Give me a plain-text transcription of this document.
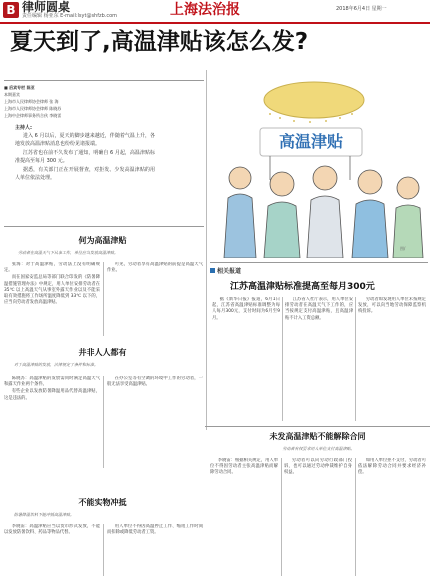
B 律师圆桌
责任编辑 杨亚东 E-mail:lsyt@shfzb.com	上海法治报	2018年6月4日 星期一
夏天到了,高温津贴该怎么发?
■ 后宾专栏 陈亚
本期嘉宾
上海市人民律师协会律师 张 海
上海市人民律师协会律师 陈晓苏
上海中企律师事务所合伙 李晓雷
主持人:

进入 6 月以后，夏天的脚步越来越近，伴随着气温上升，各地发放高温津贴消息也纷纷见诸报端。

江苏省也在前不久发布了通知，明确自 6 月起，高温津贴标准提高至每月 300 元。

据悉，有关部门正在开展督查，对拒发、少发高温津贴的用人单位依法处理。

何为高温津贴
劳动者在高温天气下从事工作，单位应当发放高温津贴。

张海：对于高温津贴，劳动法上没有明确规定。

而在国家安监总局等部门联合印发的《防暑降温措施管理办法》中规定，用人单位安排劳动者在 35℃ 以上高温天气从事室外露天作业以及不能采取有效措施将工作场所温度降低到 33℃ 以下的，应当向劳动者发放高温津贴。

可见，劳动者享有高温津贴的前提是高温天气作业。

井非人人都有
对于高温津贴的发放，法律规定了条件和标准。

陈晓苏：高温津贴的发放需同时满足高温天气和露天作业两个条件。

有些企业以发放防暑降温用品代替高温津贴，这是违法的。

在办公室等有空调的环境中工作的劳动者，一般无法享受高温津贴。

不能实物冲抵
防暑降温饮料不能冲抵高温津贴。

李晓雷：高温津贴应当以货币形式发放，不能以发放防暑饮料、药品等物品代替。

用人单位不得因高温停止工作、缩短工作时间而扣除或降低劳动者工资。

高温津贴
图/
相关报道
江苏高温津贴标准提高至每月300元

据《新华日报》报道，6月1日起，江苏省高温津贴标准调整为每人每月300元，支付时间为6月至9月。

江苏省人社厅表示，用人单位安排劳动者在高温天气下工作的，应当按规定支付高温津贴，且高温津贴不计入工资总额。

劳动者如发现用人单位未按规定发放，可以向当地劳动保障监察机构投诉。

未发高温津贴不能解除合同
劳动者有权要求用人单位支付高温津贴。

李晓雷：根据相关规定，用人单位不得因劳动者主张高温津贴而解除劳动合同。

劳动者可以向劳动行政部门投诉，也可以通过劳动仲裁维护自身权益。

如用人单位拒不支付，劳动者可依法解除劳动合同并要求经济补偿。
